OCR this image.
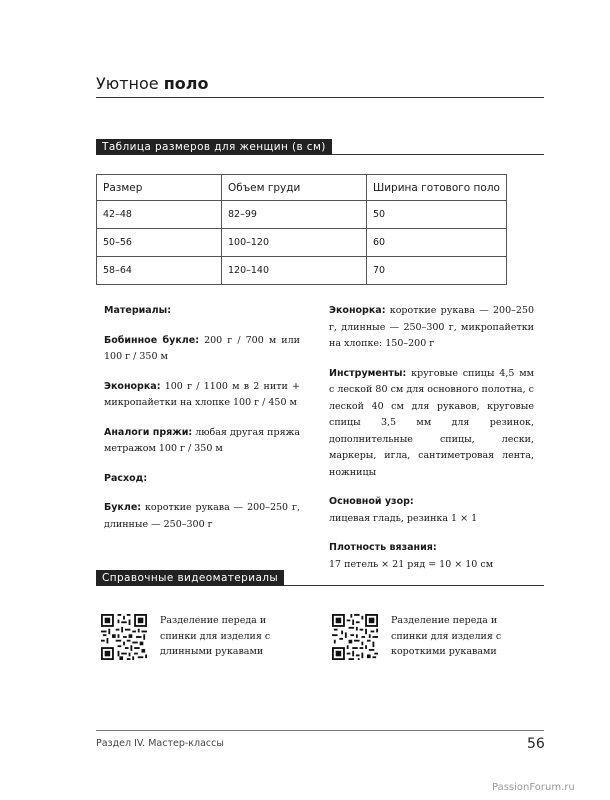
Уютное поло
Таблица размеров для женщин (в см)
Размер	Объем груди	Ширина готового поло
42–48	82–99	50
50–56	100–120	60
58–64	120–140	70

Материалы:

Бобинное букле: 200 г / 700 м или 100 г / 350 м

Эконорка: 100 г / 1100 м в 2 нити + микропайетки на хлопке 100 г / 450 м

Аналоги пряжи: любая другая пряжа метражом 100 г / 350 м

Расход:

Букле: короткие рукава — 200–250 г, длинные — 250–300 г

Эконорка: короткие рукава — 200–250 г, длинные — 250–300 г, микропайетки на хлопке: 150–200 г

Инструменты: круговые спицы 4,5 мм с леской 80 см для основного полотна, с леской 40 см для рукавов, круговые спицы 3,5 мм для резинок, дополнительные спицы, лески, маркеры, игла, сантиметровая лента, ножницы

Основной узор:

лицевая гладь, резинка 1 × 1

Плотность вязания:

17 петель × 21 ряд = 10 × 10 см

Справочные видеоматериалы
Разделение переда и спинки для изделия с длинными рукавами
Разделение переда и спинки для изделия с короткими рукавами
Раздел IV. Мастер-классы	56
PassionForum.ru
